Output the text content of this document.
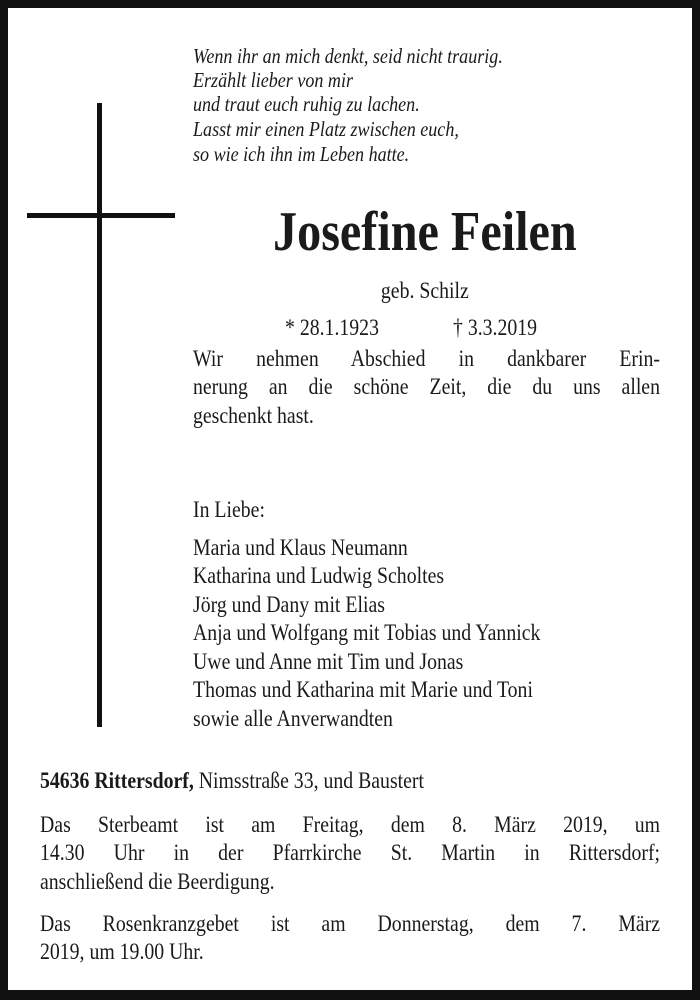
Wenn ihr an mich denkt, seid nicht traurig.
Erzählt lieber von mir
und traut euch ruhig zu lachen.
Lasst mir einen Platz zwischen euch,
so wie ich ihn im Leben hatte.
Josefine Feilen
geb. Schilz
* 28.1.1923	† 3.3.2019
Wir nehmen Abschied in dankbarer Erin-
nerung an die schöne Zeit, die du uns allen
geschenkt hast.
In Liebe:
Maria und Klaus Neumann
Katharina und Ludwig Scholtes
Jörg und Dany mit Elias
Anja und Wolfgang mit Tobias und Yannick
Uwe und Anne mit Tim und Jonas
Thomas und Katharina mit Marie und Toni
sowie alle Anverwandten
54636 Rittersdorf, Nimsstraße 33, und Baustert
Das Sterbeamt ist am Freitag, dem 8. März 2019, um
14.30 Uhr in der Pfarrkirche St. Martin in Rittersdorf;
anschließend die Beerdigung.
Das Rosenkranzgebet ist am Donnerstag, dem 7. März
2019, um 19.00 Uhr.
